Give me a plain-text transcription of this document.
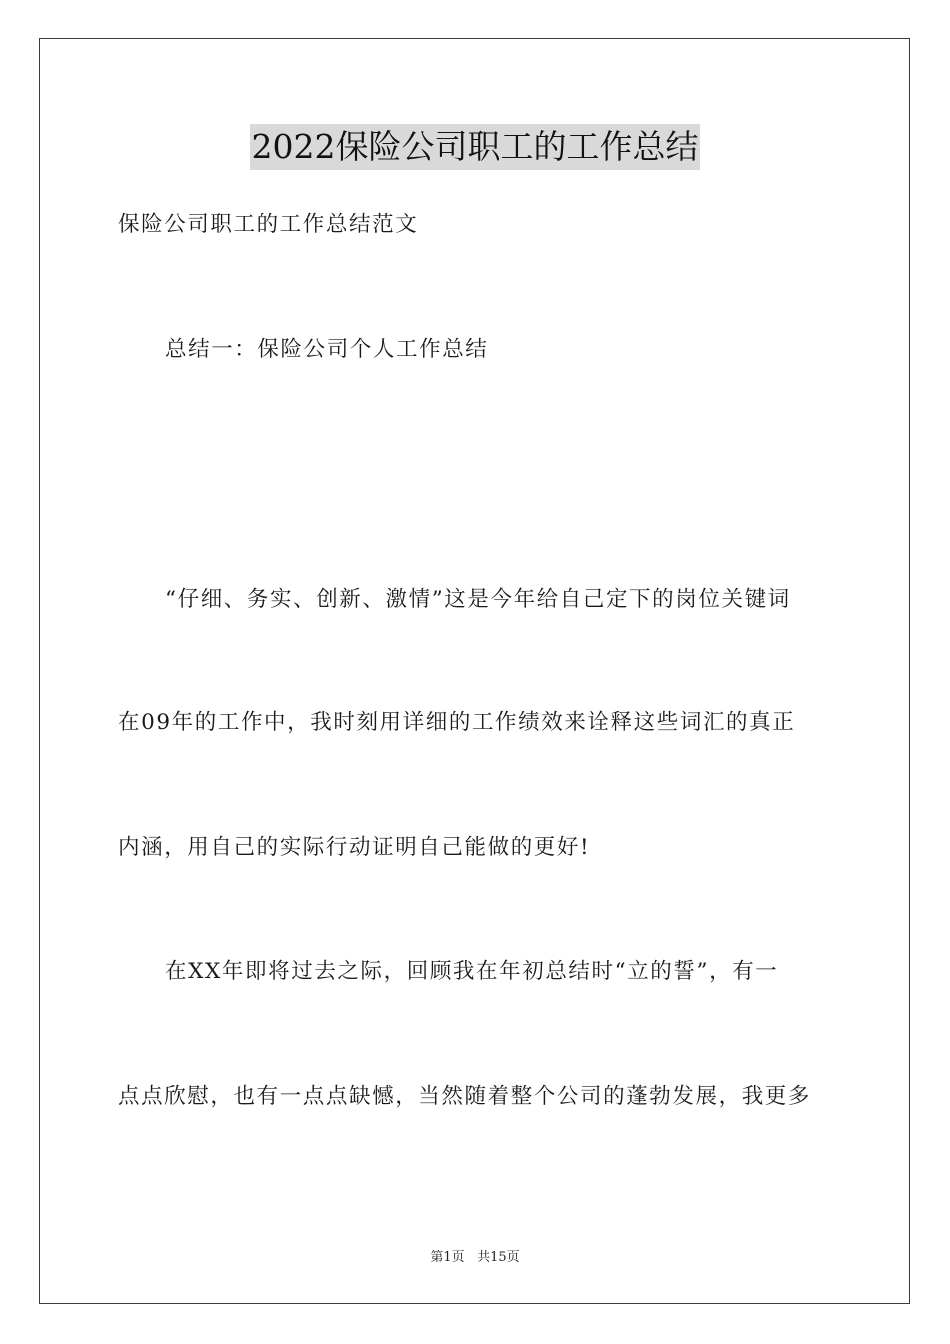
2022保险公司职工的工作总结
保险公司职工的工作总结范文
总结一：保险公司个人工作总结
“仔细、务实、创新、激情”这是今年给自己定下的岗位关键词
在09年的工作中，我时刻用详细的工作绩效来诠释这些词汇的真正
内涵，用自己的实际行动证明自己能做的更好!
在XX年即将过去之际，回顾我在年初总结时“立的誓”，有一
点点欣慰，也有一点点缺憾，当然随着整个公司的蓬勃发展，我更多
第1页 共15页
